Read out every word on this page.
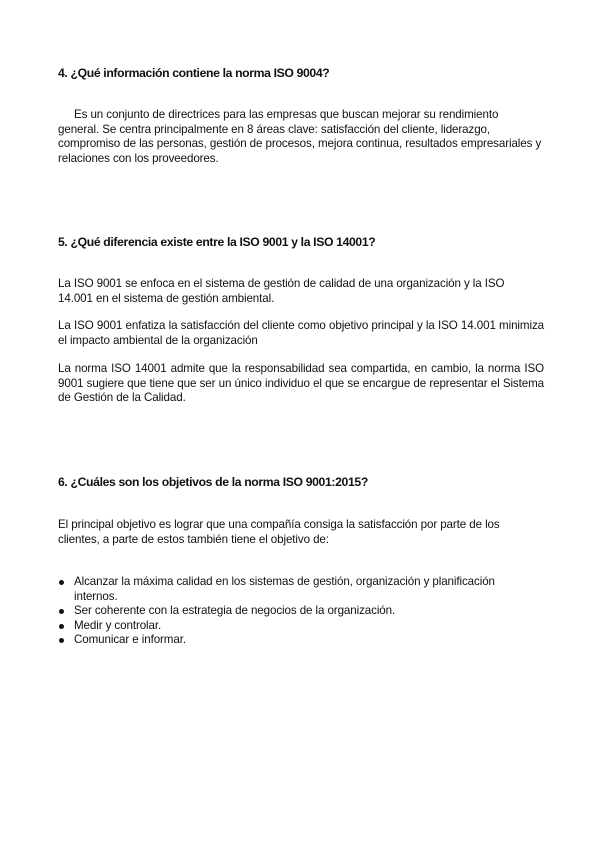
4. ¿Qué información contiene la norma ISO 9004?

Es un conjunto de directrices para las empresas que buscan mejorar su rendimiento general. Se centra principalmente en 8 áreas clave: satisfacción del cliente, liderazgo, compromiso de las personas, gestión de procesos, mejora continua, resultados empresariales y relaciones con los proveedores.

5. ¿Qué diferencia existe entre la ISO 9001 y la ISO 14001?

La ISO 9001 se enfoca en el sistema de gestión de calidad de una organización y la ISO 14.001 en el sistema de gestión ambiental.

La ISO 9001 enfatiza la satisfacción del cliente como objetivo principal y la ISO 14.001 minimiza el impacto ambiental de la organización

La norma ISO 14001 admite que la responsabilidad sea compartida, en cambio, la norma ISO 9001 sugiere que tiene que ser un único individuo el que se encargue de representar el Sistema de Gestión de la Calidad.

6. ¿Cuáles son los objetivos de la norma ISO 9001:2015?

El principal objetivo es lograr que una compañía consiga la satisfacción por parte de los clientes, a parte de estos también tiene el objetivo de:

Alcanzar la máxima calidad en los sistemas de gestión, organización y planificación internos.
Ser coherente con la estrategia de negocios de la organización.
Medir y controlar.
Comunicar e informar.
